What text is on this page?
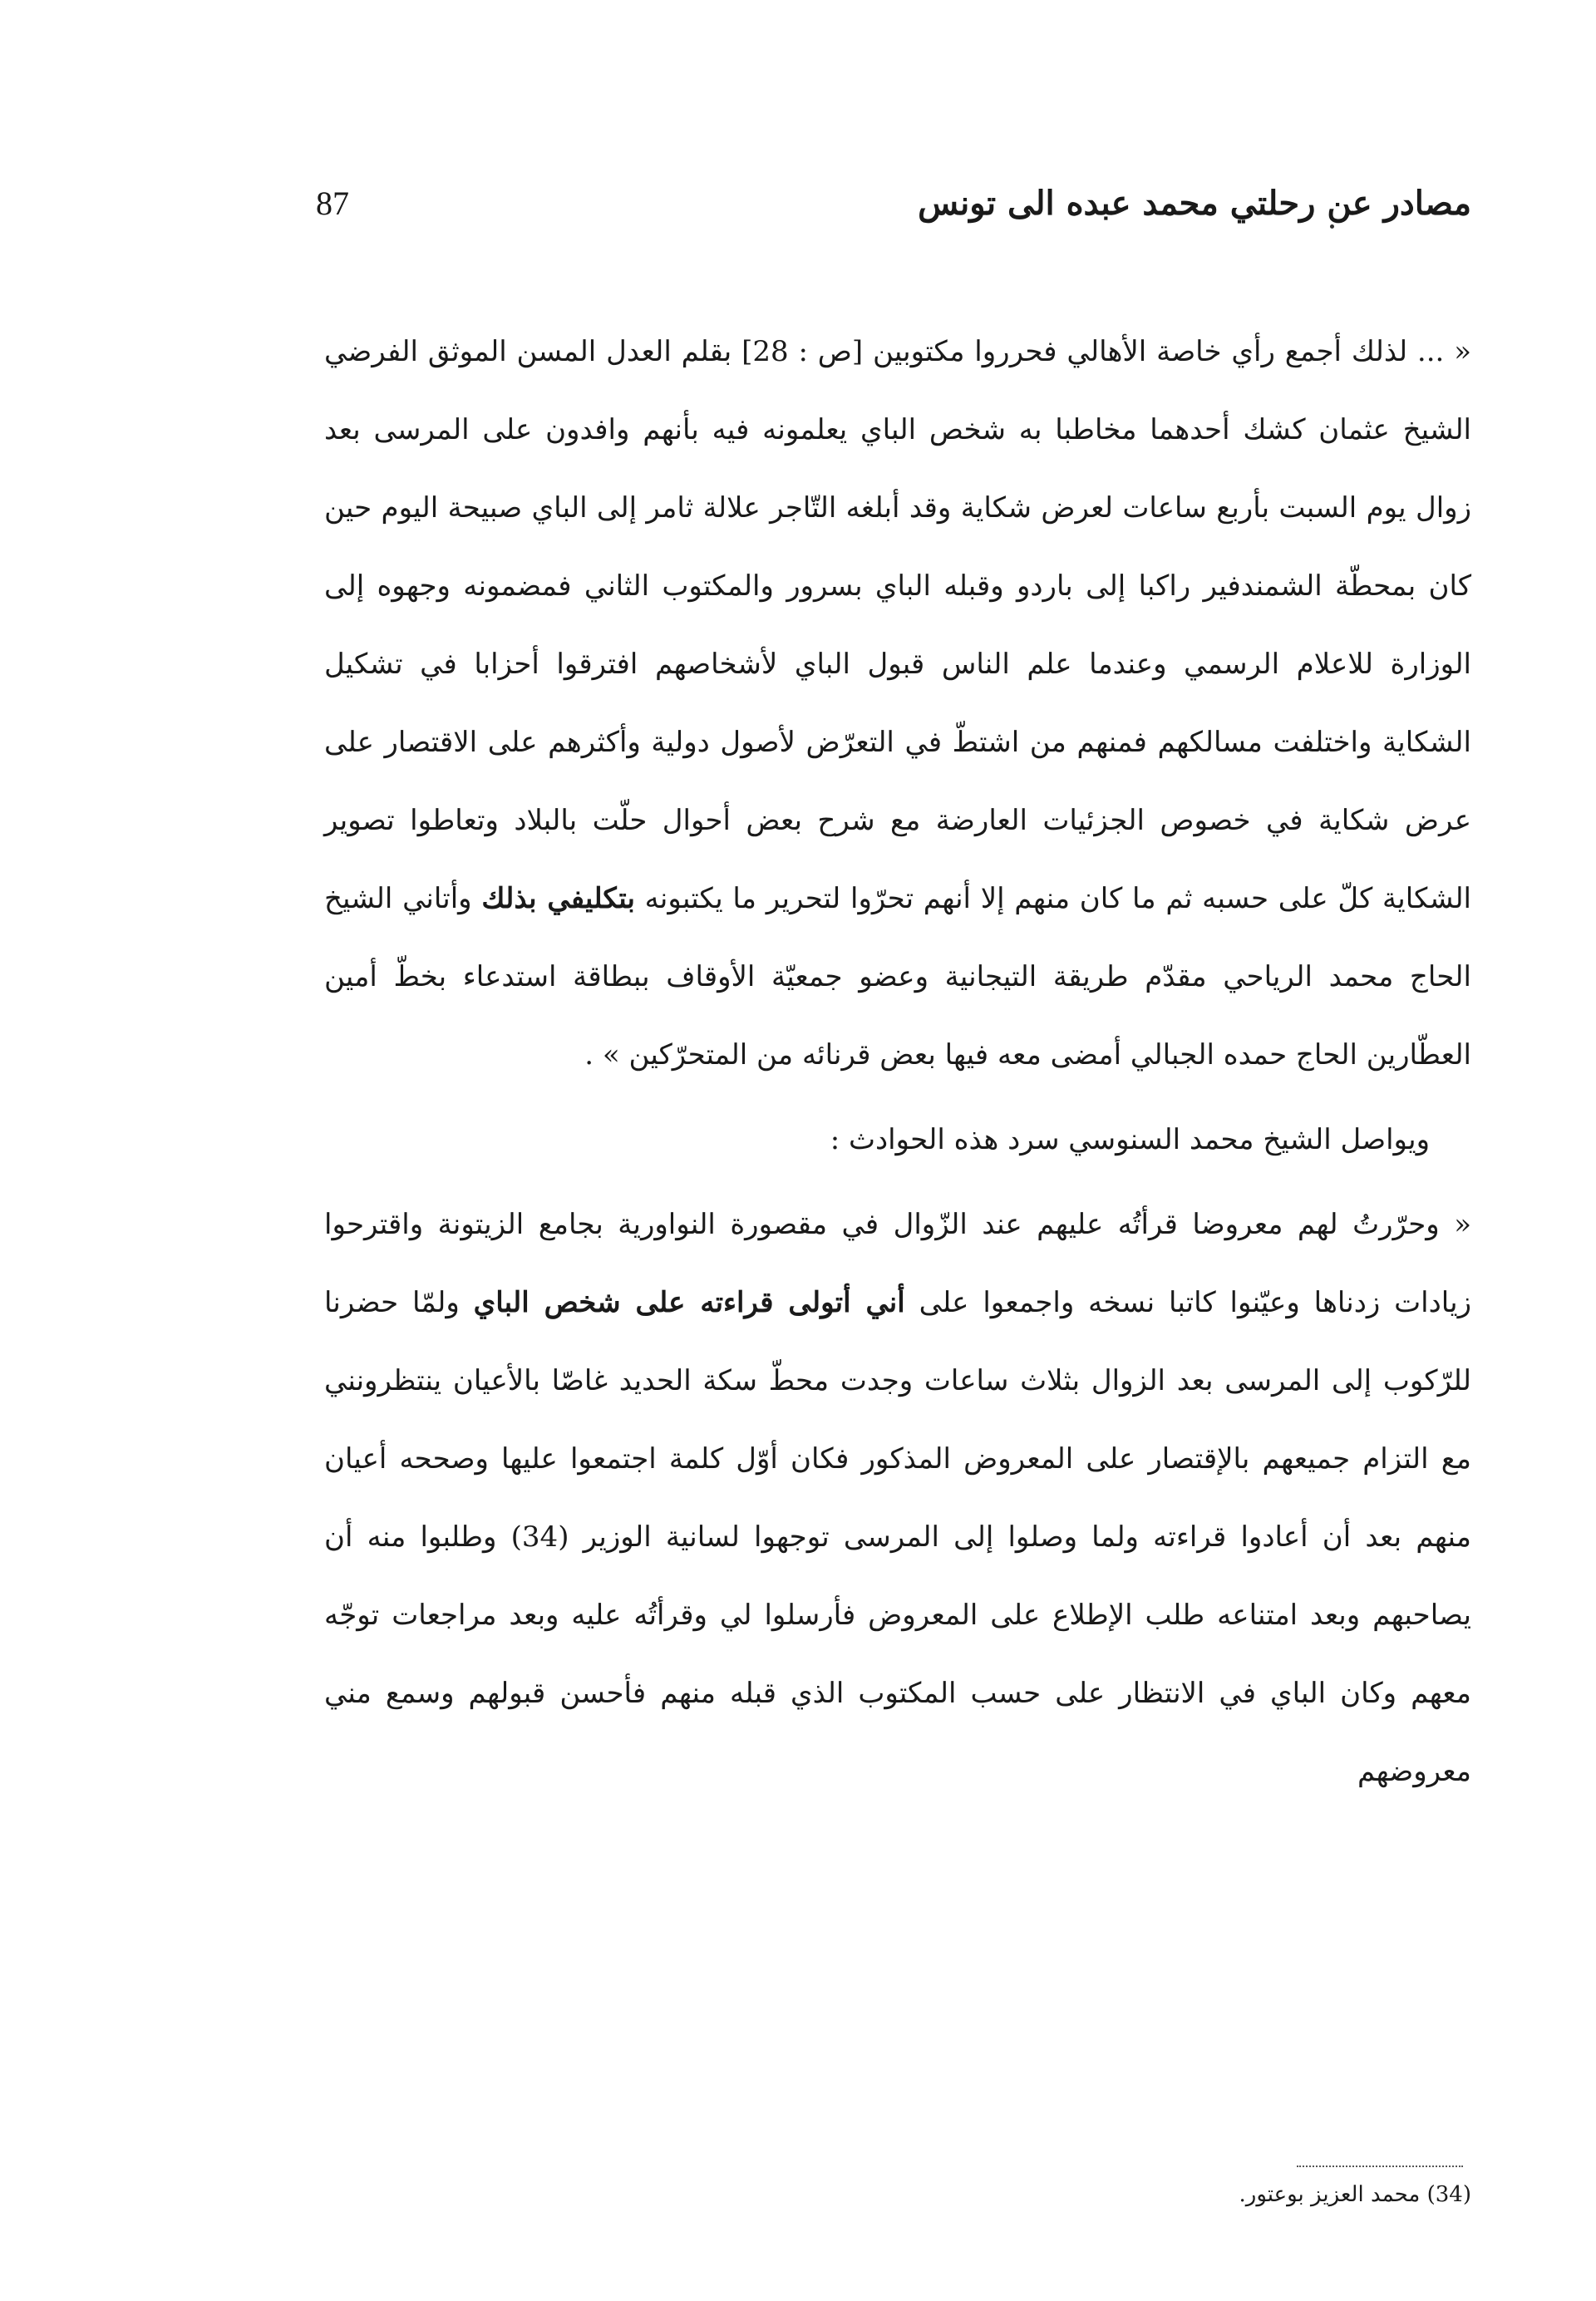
مصادر عن رحلتي محمد عبده الى تونس
87

« ... لذلك أجمع رأي خاصة الأهالي فحرروا مكتوبين [ص : 28] بقلم العدل المسن الموثق الفرضي الشيخ عثمان كشك أحدهما مخاطبا به شخص الباي يعلمونه فيه بأنهم وافدون على المرسى بعد زوال يوم السبت بأربع ساعات لعرض شكاية وقد أبلغه التّاجر علالة ثامر إلى الباي صبيحة اليوم حين كان بمحطّة الشمندفير راكبا إلى باردو وقبله الباي بسرور والمكتوب الثاني فمضمونه وجهوه إلى الوزارة للاعلام الرسمي وعندما علم الناس قبول الباي لأشخاصهم افترقوا أحزابا في تشكيل الشكاية واختلفت مسالكهم فمنهم من اشتطّ في التعرّض لأصول دولية وأكثرهم على الاقتصار على عرض شكاية في خصوص الجزئيات العارضة مع شرح بعض أحوال حلّت بالبلاد وتعاطوا تصوير الشكاية كلّ على حسبه ثم ما كان منهم إلا أنهم تحرّوا لتحرير ما يكتبونه بتكليفي بذلك وأتاني الشيخ الحاج محمد الرياحي مقدّم طريقة التيجانية وعضو جمعيّة الأوقاف ببطاقة استدعاء بخطّ أمين العطّارين الحاج حمده الجبالي أمضى معه فيها بعض قرنائه من المتحرّكين » .

ويواصل الشيخ محمد السنوسي سرد هذه الحوادث :

« وحرّرتُ لهم معروضا قرأتُه عليهم عند الزّوال في مقصورة النواورية بجامع الزيتونة واقترحوا زيادات زدناها وعيّنوا كاتبا نسخه واجمعوا على أني أتولى قراءته على شخص الباي ولمّا حضرنا للرّكوب إلى المرسى بعد الزوال بثلاث ساعات وجدت محطّ سكة الحديد غاصّا بالأعيان ينتظرونني مع التزام جميعهم بالإقتصار على المعروض المذكور فكان أوّل كلمة اجتمعوا عليها وصححه أعيان منهم بعد أن أعادوا قراءته ولما وصلوا إلى المرسى توجهوا لسانية الوزير (34) وطلبوا منه أن يصاحبهم وبعد امتناعه طلب الإطلاع على المعروض فأرسلوا لي وقرأتُه عليه وبعد مراجعات توجّه معهم وكان الباي في الانتظار على حسب المكتوب الذي قبله منهم فأحسن قبولهم وسمع مني معروضهم

(34) محمد العزيز بوعتور.
